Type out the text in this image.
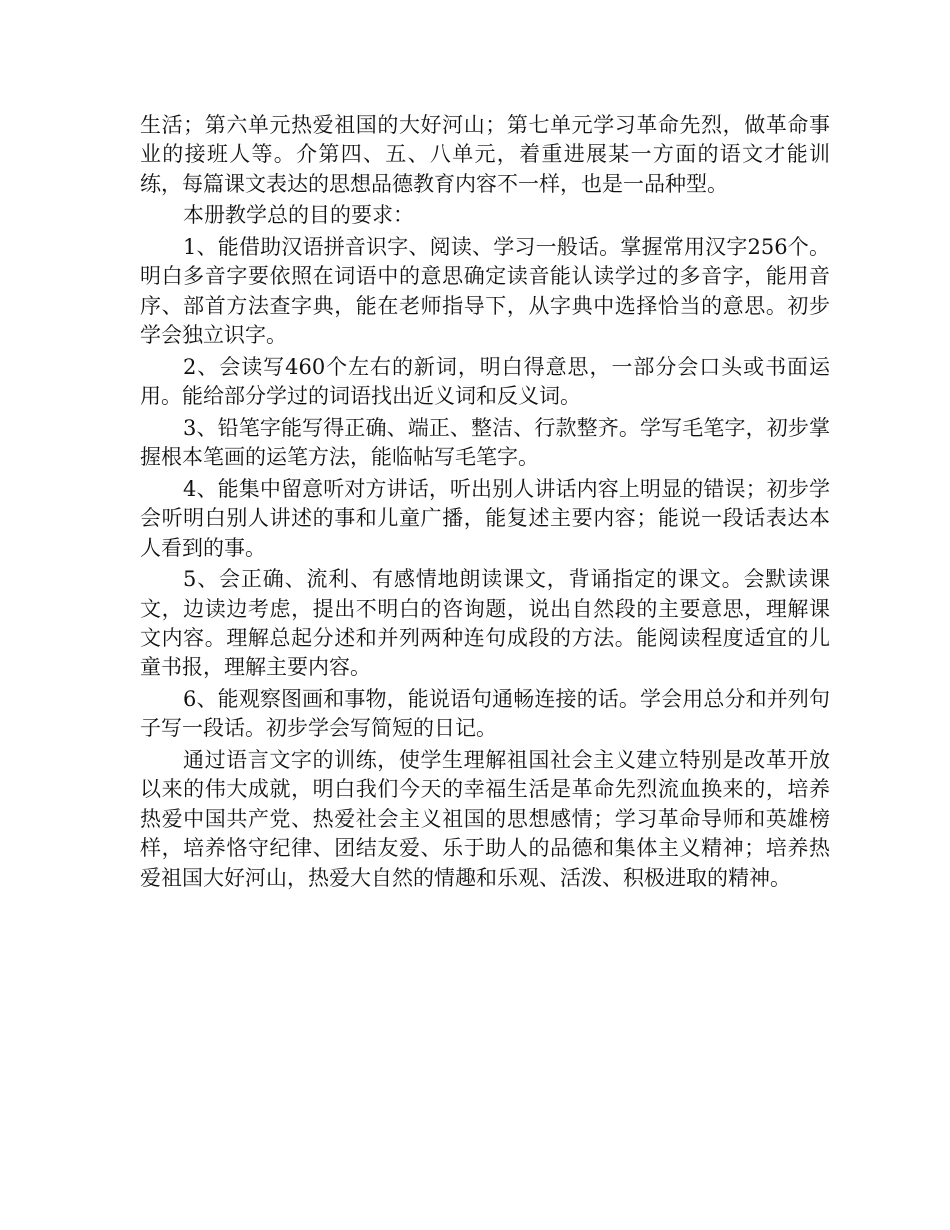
生活；第六单元热爱祖国的大好河山；第七单元学习革命先烈，做革命事业的接班人等。介第四、五、八单元，着重进展某一方面的语文才能训练，每篇课文表达的思想品德教育内容不一样，也是一品种型。

本册教学总的目的要求：

1、能借助汉语拼音识字、阅读、学习一般话。掌握常用汉字256个。明白多音字要依照在词语中的意思确定读音能认读学过的多音字，能用音序、部首方法查字典，能在老师指导下，从字典中选择恰当的意思。初步学会独立识字。

2、会读写460个左右的新词，明白得意思，一部分会口头或书面运用。能给部分学过的词语找出近义词和反义词。

3、铅笔字能写得正确、端正、整洁、行款整齐。学写毛笔字，初步掌握根本笔画的运笔方法，能临帖写毛笔字。

4、能集中留意听对方讲话，听出别人讲话内容上明显的错误；初步学会听明白别人讲述的事和儿童广播，能复述主要内容；能说一段话表达本人看到的事。

5、会正确、流利、有感情地朗读课文，背诵指定的课文。会默读课文，边读边考虑，提出不明白的咨询题，说出自然段的主要意思，理解课文内容。理解总起分述和并列两种连句成段的方法。能阅读程度适宜的儿童书报，理解主要内容。

6、能观察图画和事物，能说语句通畅连接的话。学会用总分和并列句子写一段话。初步学会写简短的日记。

通过语言文字的训练，使学生理解祖国社会主义建立特别是改革开放以来的伟大成就，明白我们今天的幸福生活是革命先烈流血换来的，培养热爱中国共产党、热爱社会主义祖国的思想感情；学习革命导师和英雄榜样，培养恪守纪律、团结友爱、乐于助人的品德和集体主义精神；培养热爱祖国大好河山，热爱大自然的情趣和乐观、活泼、积极进取的精神。
